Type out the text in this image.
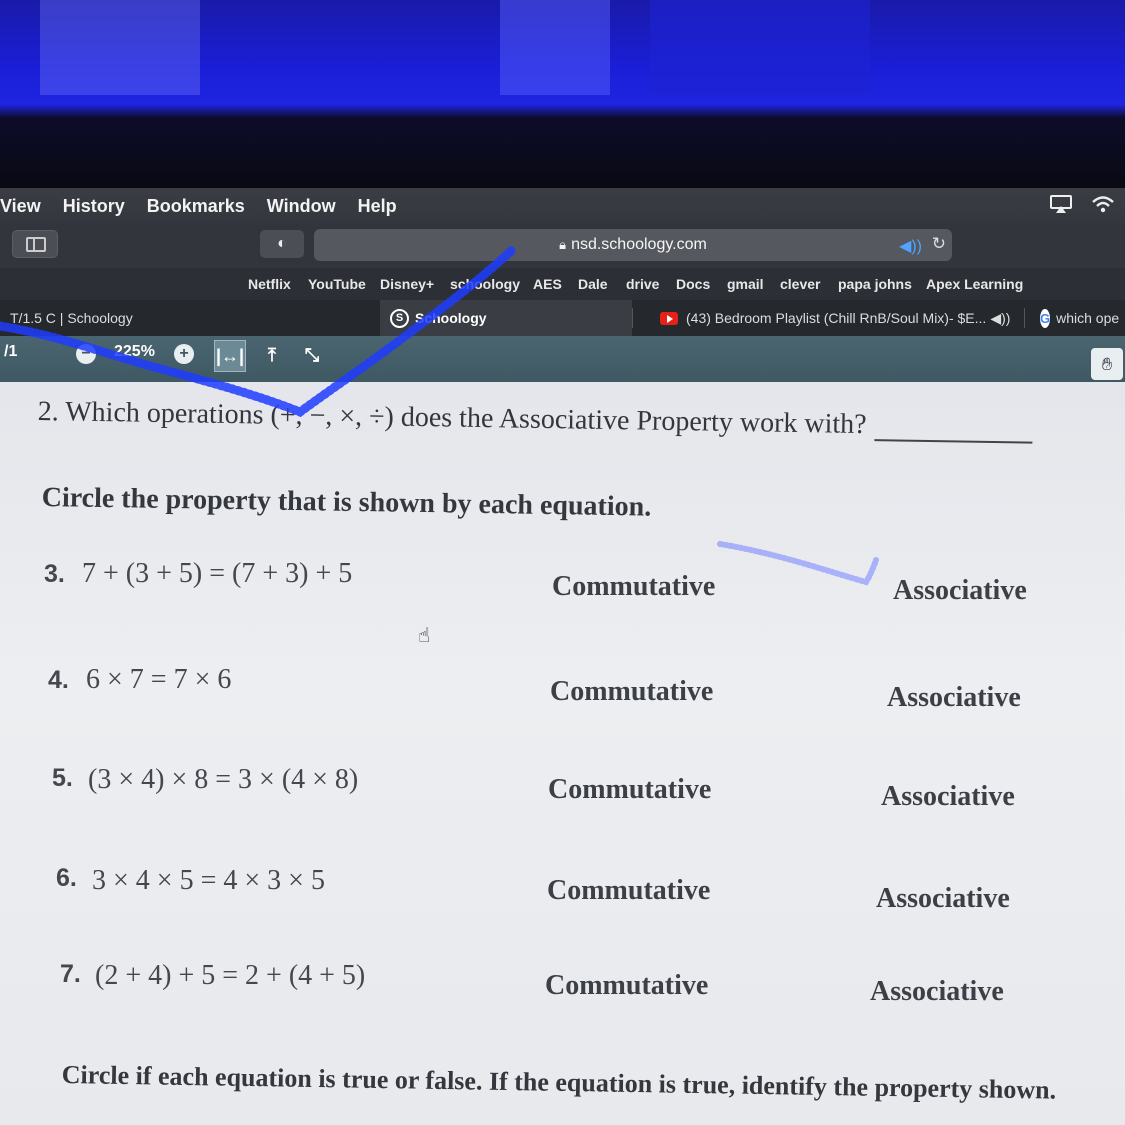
View History Bookmarks Window Help
◐	🔒︎ nsd.schoology.com	◀)) ↻
Netflix YouTube Disney+ schoology AES Dale drive Docs gmail clever papa johns Apex Learning
T/1.5 C | Schoology	S Schoology	(43) Bedroom Playlist (Chill RnB/Soul Mix)- $E... ◀)) G which ope
/1	−	225%	+ |↔|	⤒	⤡	✋︎
2. Which operations (+, −, ×, ÷) does the Associative Property work with?
Circle the property that is shown by each equation.
3. 7 + (3 + 5) = (7 + 3) + 5	Commutative	Associative
4. 6 × 7 = 7 × 6	Commutative	Associative
5. (3 × 4) × 8 = 3 × (4 × 8)	Commutative	Associative
6. 3 × 4 × 5 = 4 × 3 × 5	Commutative	Associative
7. (2 + 4) + 5 = 2 + (4 + 5)	Commutative	Associative
Circle if each equation is true or false. If the equation is true, identify the property shown.
☝︎
